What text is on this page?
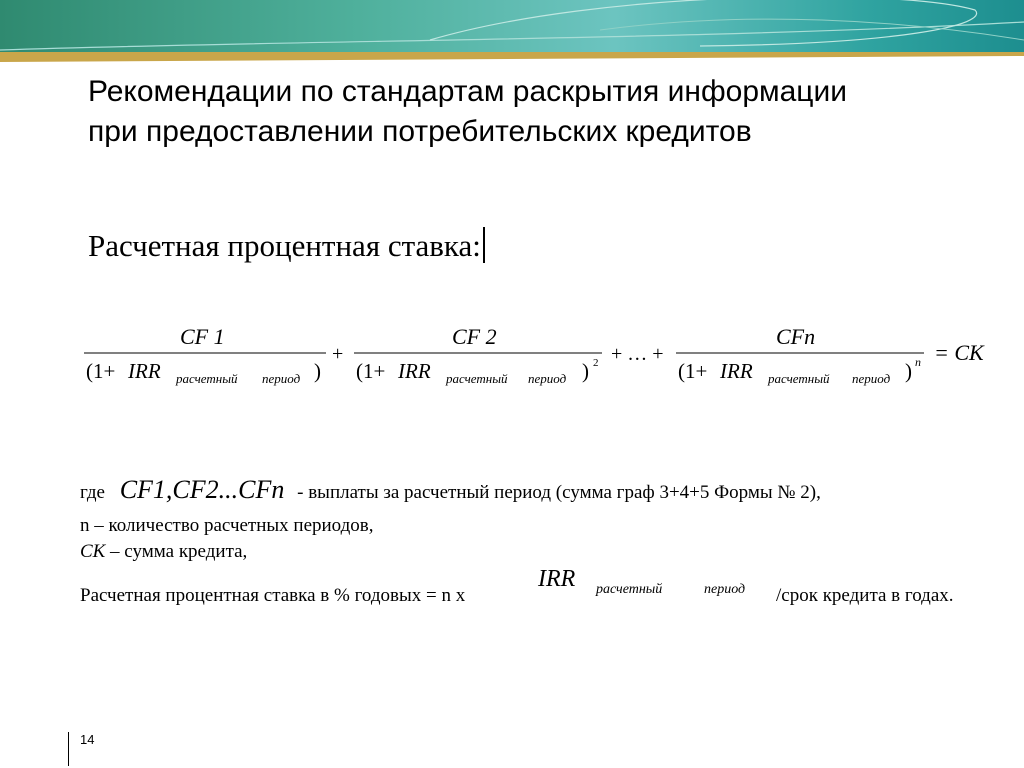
Рекомендации по стандартам раскрытия информации
при предоставлении потребительских кредитов
Расчетная процентная ставка:
CF 1
(1+ IRR расчетный период )
+
CF 2
(1+ IRR расчетный период ) 2 + … +
CFn
(1+ IRR расчетный период ) n = CK
где CF1,CF2...CFn - выплаты за расчетный период (сумма граф 3+4+5 Формы № 2),
n – количество расчетных периодов,
СК – сумма кредита,
Расчетная процентная ставка в % годовых = n x
IRR расчетный	период /срок кредита в годах.
14
